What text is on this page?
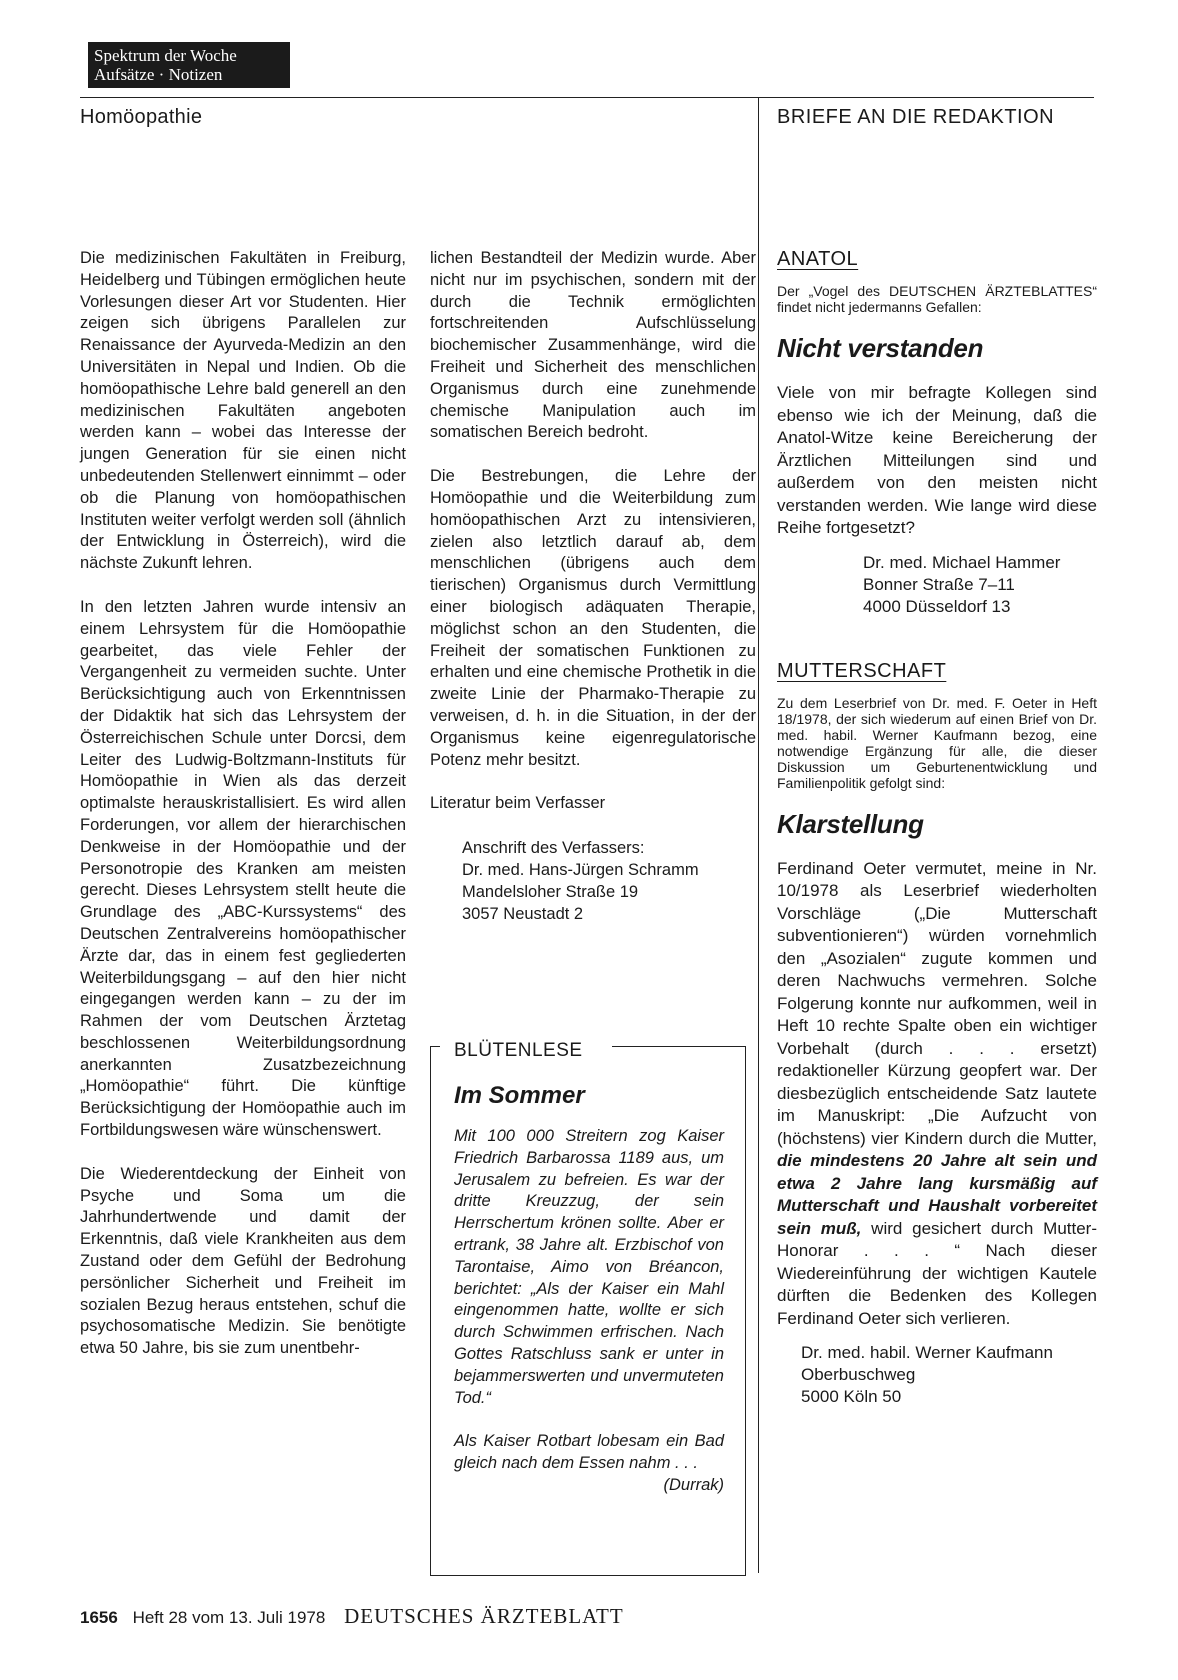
Spektrum der Woche
Aufsätze · Notizen
Homöopathie	BRIEFE AN DIE REDAKTION

Die medizinischen Fakultäten in Freiburg, Heidelberg und Tübingen ermöglichen heute Vorlesungen dieser Art vor Studenten. Hier zeigen sich übrigens Parallelen zur Renaissance der Ayurveda-Medizin an den Universitäten in Nepal und Indien. Ob die homöopathische Lehre bald generell an den medizinischen Fakultäten angeboten werden kann – wobei das Interesse der jungen Generation für sie einen nicht unbedeutenden Stellenwert einnimmt – oder ob die Planung von homöopathischen Instituten weiter verfolgt werden soll (ähnlich der Entwicklung in Österreich), wird die nächste Zukunft lehren.

In den letzten Jahren wurde intensiv an einem Lehrsystem für die Homöopathie gearbeitet, das viele Fehler der Vergangenheit zu vermeiden suchte. Unter Berücksichtigung auch von Erkenntnissen der Didaktik hat sich das Lehrsystem der Österreichischen Schule unter Dorcsi, dem Leiter des Ludwig-Boltzmann-Instituts für Homöopathie in Wien als das derzeit optimalste herauskristallisiert. Es wird allen Forderungen, vor allem der hierarchischen Denkweise in der Homöopathie und der Personotropie des Kranken am meisten gerecht. Dieses Lehrsystem stellt heute die Grundlage des „ABC-Kurssystems“ des Deutschen Zentralvereins homöopathischer Ärzte dar, das in einem fest gegliederten Weiterbildungsgang – auf den hier nicht eingegangen werden kann – zu der im Rahmen der vom Deutschen Ärztetag beschlossenen Weiterbildungsordnung anerkannten Zusatzbezeichnung „Homöopathie“ führt. Die künftige Berücksichtigung der Homöopathie auch im Fortbildungswesen wäre wünschenswert.

Die Wiederentdeckung der Einheit von Psyche und Soma um die Jahrhundertwende und damit der Erkenntnis, daß viele Krankheiten aus dem Zustand oder dem Gefühl der Bedrohung persönlicher Sicherheit und Freiheit im sozialen Bezug heraus entstehen, schuf die psychosomatische Medizin. Sie benötigte etwa 50 Jahre, bis sie zum unentbehr-

lichen Bestandteil der Medizin wurde. Aber nicht nur im psychischen, sondern mit der durch die Technik ermöglichten fortschreitenden Aufschlüsselung biochemischer Zusammenhänge, wird die Freiheit und Sicherheit des menschlichen Organismus durch eine zunehmende chemische Manipulation auch im somatischen Bereich bedroht.

Die Bestrebungen, die Lehre der Homöopathie und die Weiterbildung zum homöopathischen Arzt zu intensivieren, zielen also letztlich darauf ab, dem menschlichen (übrigens auch dem tierischen) Organismus durch Vermittlung einer biologisch adäquaten Therapie, möglichst schon an den Studenten, die Freiheit der somatischen Funktionen zu erhalten und eine chemische Prothetik in die zweite Linie der Pharmako-Therapie zu verweisen, d. h. in die Situation, in der der Organismus keine eigenregulatorische Potenz mehr besitzt.

Literatur beim Verfasser

Anschrift des Verfassers:
Dr. med. Hans-Jürgen Schramm
Mandelsloher Straße 19
3057 Neustadt 2
BLÜTENLESE
Im Sommer

Mit 100 000 Streitern zog Kaiser Friedrich Barbarossa 1189 aus, um Jerusalem zu befreien. Es war der dritte Kreuzzug, der sein Herrschertum krönen sollte. Aber er ertrank, 38 Jahre alt. Erzbischof von Tarontaise, Aimo von Bréancon, berichtet: „Als der Kaiser ein Mahl eingenommen hatte, wollte er sich durch Schwimmen erfrischen. Nach Gottes Ratschluss sank er unter in bejammerswerten und unvermuteten Tod.“

Als Kaiser Rotbart lobesam ein Bad gleich nach dem Essen nahm . . .
(Durrak)

ANATOL
Der „Vogel des DEUTSCHEN ÄRZTEBLATTES“ findet nicht jedermanns Gefallen:
Nicht verstanden

Viele von mir befragte Kollegen sind ebenso wie ich der Meinung, daß die Anatol-Witze keine Bereicherung der Ärztlichen Mitteilungen sind und außerdem von den meisten nicht verstanden werden. Wie lange wird diese Reihe fortgesetzt?

Dr. med. Michael Hammer
Bonner Straße 7–11
4000 Düsseldorf 13
MUTTERSCHAFT
Zu dem Leserbrief von Dr. med. F. Oeter in Heft 18/1978, der sich wiederum auf einen Brief von Dr. med. habil. Werner Kaufmann bezog, eine notwendige Ergänzung für alle, die dieser Diskussion um Geburtenentwicklung und Familienpolitik gefolgt sind:
Klarstellung

Ferdinand Oeter vermutet, meine in Nr. 10/1978 als Leserbrief wiederholten Vorschläge („Die Mutterschaft subventionieren“) würden vornehmlich den „Asozialen“ zugute kommen und deren Nachwuchs vermehren. Solche Folgerung konnte nur aufkommen, weil in Heft 10 rechte Spalte oben ein wichtiger Vorbehalt (durch . . . ersetzt) redaktioneller Kürzung geopfert war. Der diesbezüglich entscheidende Satz lautete im Manuskript: „Die Aufzucht von (höchstens) vier Kindern durch die Mutter, die mindestens 20 Jahre alt sein und etwa 2 Jahre lang kursmäßig auf Mutterschaft und Haushalt vorbereitet sein muß, wird gesichert durch Mutter-Honorar . . . “ Nach dieser Wiedereinführung der wichtigen Kautele dürften die Bedenken des Kollegen Ferdinand Oeter sich verlieren.

Dr. med. habil. Werner Kaufmann
Oberbuschweg
5000 Köln 50
1656 Heft 28 vom 13. Juli 1978 DEUTSCHES ÄRZTEBLATT
